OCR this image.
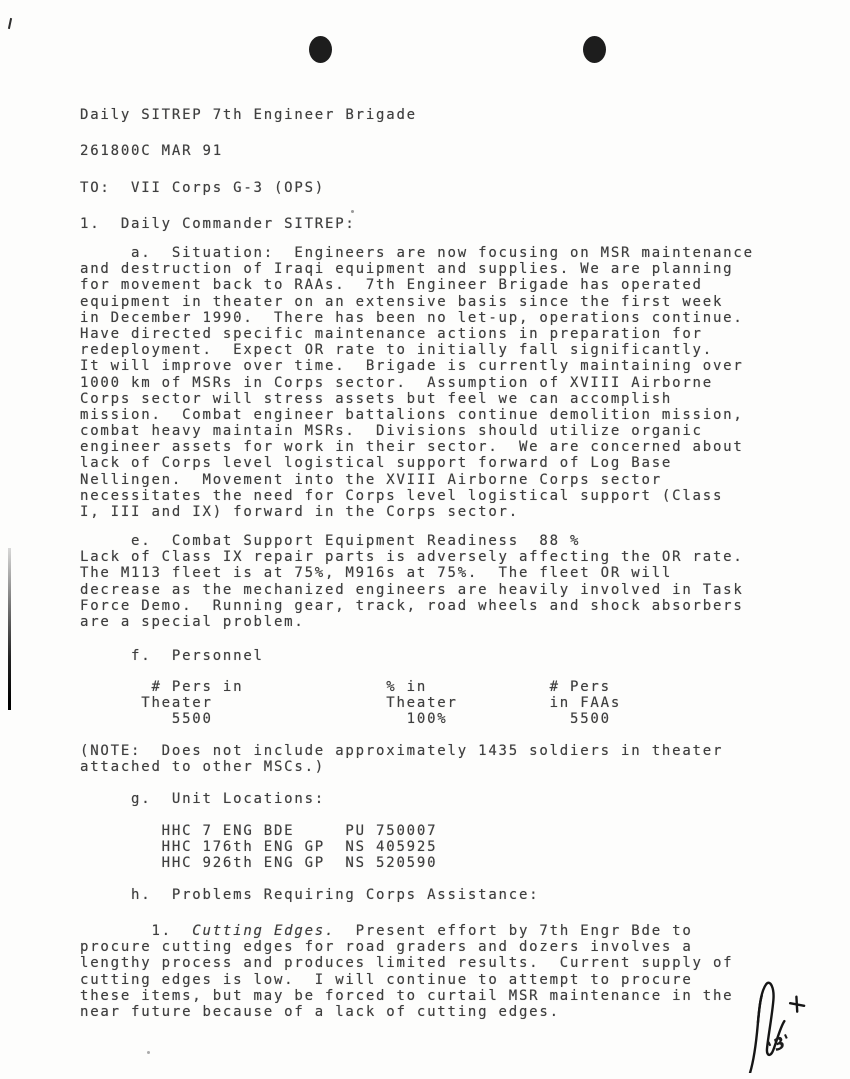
Daily SITREP 7th Engineer Brigade
261800C MAR 91
TO:  VII Corps G-3 (OPS)
1.  Daily Commander SITREP:
a.  Situation:  Engineers are now focusing on MSR maintenance
and destruction of Iraqi equipment and supplies. We are planning
for movement back to RAAs.  7th Engineer Brigade has operated
equipment in theater on an extensive basis since the first week
in December 1990.  There has been no let-up, operations continue.
Have directed specific maintenance actions in preparation for
redeployment.  Expect OR rate to initially fall significantly.
It will improve over time.  Brigade is currently maintaining over
1000 km of MSRs in Corps sector.  Assumption of XVIII Airborne
Corps sector will stress assets but feel we can accomplish
mission.  Combat engineer battalions continue demolition mission,
combat heavy maintain MSRs.  Divisions should utilize organic
engineer assets for work in their sector.  We are concerned about
lack of Corps level logistical support forward of Log Base
Nellingen.  Movement into the XVIII Airborne Corps sector
necessitates the need for Corps level logistical support (Class
I, III and IX) forward in the Corps sector.
e.  Combat Support Equipment Readiness  88 %
Lack of Class IX repair parts is adversely affecting the OR rate.
The M113 fleet is at 75%, M916s at 75%.  The fleet OR will
decrease as the mechanized engineers are heavily involved in Task
Force Demo.  Running gear, track, road wheels and shock absorbers
are a special problem.
f.  Personnel
# Pers in              % in            # Pers
Theater                 Theater         in FAAs
5500                   100%            5500
(NOTE:  Does not include approximately 1435 soldiers in theater
attached to other MSCs.)
g.  Unit Locations:
HHC 7 ENG BDE     PU 750007
HHC 176th ENG GP  NS 405925
HHC 926th ENG GP  NS 520590
h.  Problems Requiring Corps Assistance:
1.  Cutting Edges.  Present effort by 7th Engr Bde to
procure cutting edges for road graders and dozers involves a
lengthy process and produces limited results.  Current supply of
cutting edges is low.  I will continue to attempt to procure
these items, but may be forced to curtail MSR maintenance in the
near future because of a lack of cutting edges.
'3'
